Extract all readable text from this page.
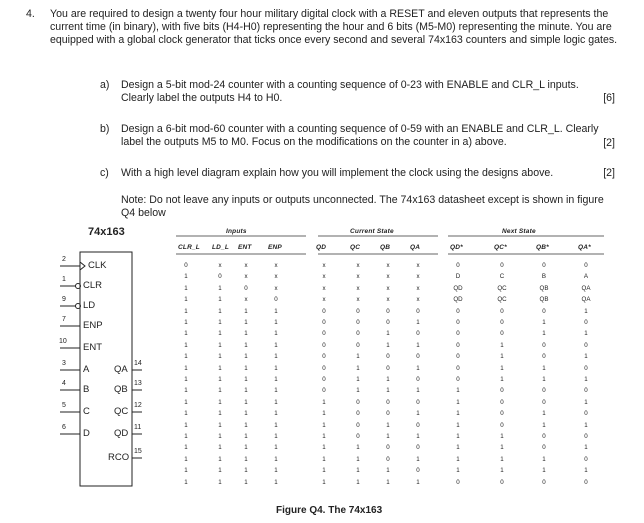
4. You are required to design a twenty four hour military digital clock with a RESET and eleven outputs that represents the current time (in binary), with five bits (H4-H0) representing the hour and 6 bits (M5-M0) representing the minute. You are equipped with a global clock generator that ticks once every second and several 74x163 counters and simple logic gates.
a) Design a 5-bit mod-24 counter with a counting sequence of 0-23 with ENABLE and CLR_L inputs. Clearly label the outputs H4 to H0.	[6]
b) Design a 6-bit mod-60 counter with a counting sequence of 0-59 with an ENABLE and CLR_L. Clearly label the outputs M5 to M0. Focus on the modifications on the counter in a) above.	[2]
c) With a high level diagram explain how you will implement the clock using the designs above.	[2]
Note: Do not leave any inputs or outputs unconnected. The 74x163 datasheet except is shown in figure Q4 below
74x163
2
CLK
1
CLR
9
LD
7
ENP
10
ENT
3
A
4
B
5
C
6
D
QA
14
QB
13
QC
12
QD
11
RCO
15
Inputs	Current State	Next State
CLR_L LD_L ENT	ENP	QD	QC	QB	QA	QD*	QC*	QB*	QA*
0	x	x	x	x	x	x	x	0	0	0	0
1	0	x	x	x	x	x	x	D	C	B	A
1	1	0	x	x	x	x	x	QD	QC	QB	QA
1	1	x	0	x	x	x	x	QD	QC	QB	QA
1	1	1	1	0	0	0	0	0	0	0	1
1	1	1	1	0	0	0	1	0	0	1	0
1	1	1	1	0	0	1	0	0	0	1	1
1	1	1	1	0	0	1	1	0	1	0	0
1	1	1	1	0	1	0	0	0	1	0	1
1	1	1	1	0	1	0	1	0	1	1	0
1	1	1	1	0	1	1	0	0	1	1	1
1	1	1	1	0	1	1	1	1	0	0	0
1	1	1	1	1	0	0	0	1	0	0	1
1	1	1	1	1	0	0	1	1	0	1	0
1	1	1	1	1	0	1	0	1	0	1	1
1	1	1	1	1	0	1	1	1	1	0	0
1	1	1	1	1	1	0	0	1	1	0	1
1	1	1	1	1	1	0	1	1	1	1	0
1	1	1	1	1	1	1	0	1	1	1	1
1	1	1	1	1	1	1	1	0	0	0	0
Figure Q4. The 74x163
